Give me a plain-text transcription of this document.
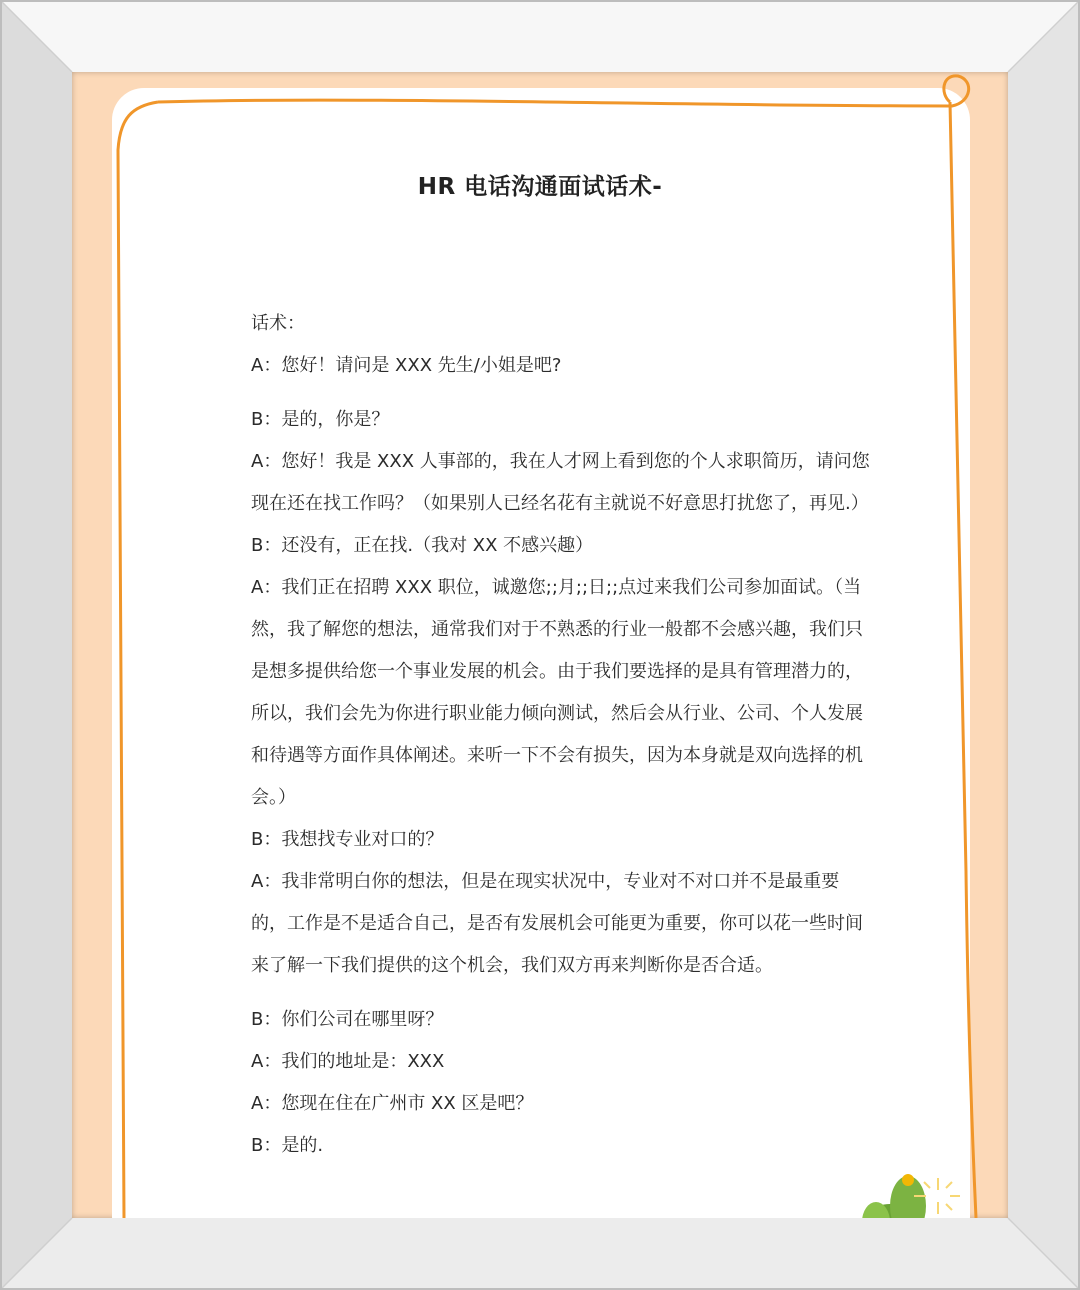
HR 电话沟通面试话术-

话术：

A：您好！请问是 XXX 先生/小姐是吧?

B：是的，你是？

A：您好！我是 XXX 人事部的，我在人才网上看到您的个人求职简历，请问您现在还在找工作吗？（如果别人已经名花有主就说不好意思打扰您了，再见.）

B：还没有，正在找.（我对 XX 不感兴趣）

A：我们正在招聘 XXX 职位，诚邀您;;月;;日;;点过来我们公司参加面试。（当然，我了解您的想法，通常我们对于不熟悉的行业一般都不会感兴趣，我们只是想多提供给您一个事业发展的机会。由于我们要选择的是具有管理潜力的，所以，我们会先为你进行职业能力倾向测试，然后会从行业、公司、个人发展和待遇等方面作具体阐述。来听一下不会有损失，因为本身就是双向选择的机会。）

B：我想找专业对口的？

A：我非常明白你的想法，但是在现实状况中，专业对不对口并不是最重要的，工作是不是适合自己，是否有发展机会可能更为重要，你可以花一些时间来了解一下我们提供的这个机会，我们双方再来判断你是否合适。

B：你们公司在哪里呀？

A：我们的地址是：XXX

A：您现在住在广州市 XX 区是吧？

B：是的.
